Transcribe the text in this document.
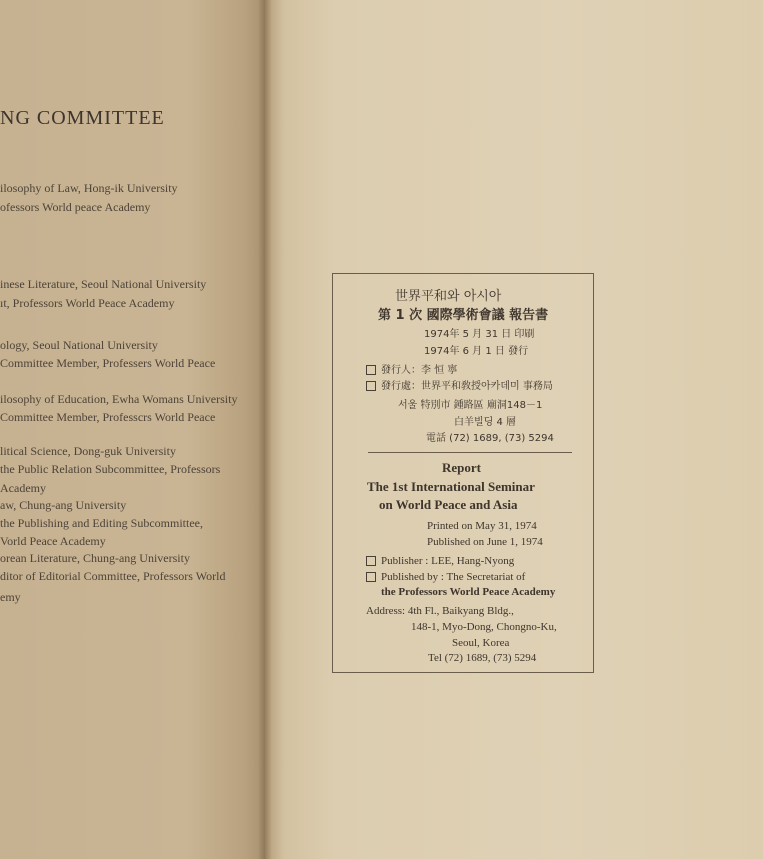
NG COMMITTEE
ilosophy of Law, Hong-ik University
ofessors World peace Academy
inese Literature, Seoul National University
ıt, Professors World Peace Academy
ology, Seoul National University
Committee Member, Professers World Peace
ilosophy of Education, Ewha Womans University
Committee Member, Professcrs World Peace
litical Science, Dong-guk University
the Public Relation Subcommittee, Professors
Academy
aw, Chung-ang University
the Publishing and Editing Subcommittee,
Vorld Peace Academy
orean Literature, Chung-ang University
ditor of Editorial Committee, Professors World
emy
世界平和와 아시아
第 1 次 國際學術會議 報告書
1974年 5 月 31 日 印刷
1974年 6 月 1 日 發行
發行人：李 恒 寧
發行處：世界平和敎授아카데미 事務局
서울 特別市 鍾路區 廟洞148－1
白羊빌딩 4 層
電話 (72) 1689, (73) 5294
Report
The 1st International Seminar
on World Peace and Asia
Printed on May 31, 1974
Published on June 1, 1974
Publisher : LEE, Hang-Nyong
Published by : The Secretariat of
the Professors World Peace Academy
Address: 4th Fl., Baikyang Bldg.,
148-1, Myo-Dong, Chongno-Ku,
Seoul, Korea
Tel (72) 1689, (73) 5294
